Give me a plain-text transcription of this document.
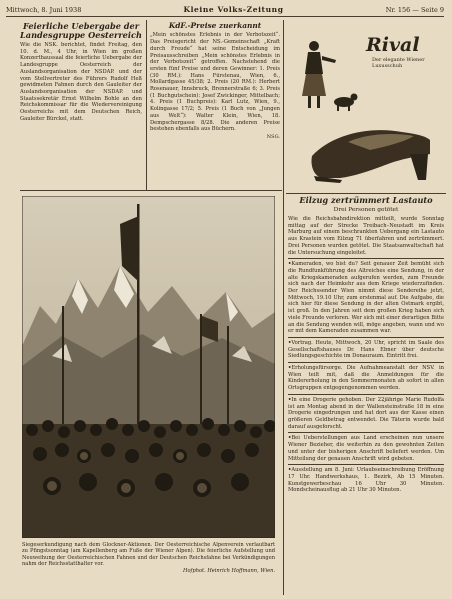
Mittwoch, 8. Juni 1938	Kleine Volks-Zeitung	Nr. 156 — Seite 9
Feierliche Uebergabe der Landesgruppe Oesterreich
Wie die NSK. berichtet, findet Freitag, den 10. d. M., 4 Uhr, in Wien im großen Konzerthaussaal die feierliche Uebergabe der Landesgruppe Oesterreich der Auslandsorganisation der NSDAP. und der vom Stellvertreter des Führers Rudolf Heß gewidmeten Fahnen durch den Gauleiter der Auslandsorganisation der NSDAP. und Staatssekretär Ernst Wilhelm Bohle an den Reichskommissar für die Wiedervereinigung Oesterreichs mit dem Deutschen Reich, Gauleiter Bürckel, statt.
KdF.-Preise zuerkannt
„Mein schönstes Erlebnis in der Verbotszeit“. Das Preisgericht der NS.-Gemeinschaft „Kraft durch Freude“ hat seine Entscheidung im Preisausschreiben „Mein schönstes Erlebnis in der Verbotszeit“ getroffen. Nachstehend die ersten fünf Preise und deren Gewinner: 1. Preis (30 RM.): Hans Fürstenau, Wien, 6., Mollardgasse 45/38; 2. Preis (20 RM.): Herbert Rosenauer, Innsbruck, Brennerstraße 6; 3. Preis (1 Buchgutschein): Josef Zwickinger, Mittelbach; 4. Preis (1 Buchpreis): Karl Lutz, Wien, 9., Kolingasse 17/2; 5. Preis (1 Buch von „Jungen aus Welt“): Walter Klein, Wien, 18. Dempschergasse 8/28. Die anderen Preise bestehen ebenfalls aus Büchern.
NSG.
Rival
Der elegante Wiener Luxusschuh
Siegeserkundigung nach dem Glockner-Aktionen. Der Oesterreichische Alpenverein verlautbart zu Pfingstsonntag (am Kapellenberg am Fuße der Wiener Alpen). Die feierliche Aufstellung und Neuweihung der Oesterreichischen Fahnen und der Deutschen Reichsfahne bei Verkündigungen nahm der Reichsstatthalter vor.
Hofphot. Heinrich Hoffmann, Wien.
Eilzug zertrümmert Lastauto
Drei Personen getötet
Wie die Reichsbahndirektion mitteilt, wurde Sonntag mittag auf der Strecke Treibach–Neustadt im Kreis Marburg auf einem beschrankten Uebergang ein Lastauto aus Krastein vom Eilzug 71 überfahren und zertrümmert. Drei Personen wurden getötet. Die Staatsanwaltschaft hat die Untersuchung eingeleitet.
• Kameraden, wo bist du? Seit genauer Zeit bemüht sich die Rundfunkführung des Altreiches eine Sendung, in der alte Kriegskameraden aufgerufen werden, zum Freunde sich nach der Heimkehr aus dem Kriege wiederzufinden. Der Reichssender Wien nimmt diese Sendereihe jetzt, Mittwoch, 19.10 Uhr, zum erstenmal auf. Die Aufgabe, die sich hier für diese Sendung in der alten Ostmark ergibt, ist groß. In den Jahren seit dem großen Krieg haben sich viele Freunde verloren. Wer sich mit einer derartigen Bitte an die Sendung wenden will, möge angeben, wann und wo er mit dem Kameraden zusammen war.
• Vortrag. Heute, Mittwoch, 20 Uhr, spricht im Saale des Gesellschaftshauses Dr. Hans Ebner über deutsche Siedlungsgeschichte im Donauraum. Eintritt frei.
• Erholungsfürsorge. Die Aufnahmeanstalt der NSV. in Wien teilt mit, daß die Anmeldungen für die Kindererholung in den Sommermonaten ab sofort in allen Ortsgruppen entgegengenommen werden.
• In eine Drogerie gehoben. Der 22jährige Marie Rudolfa ist am Montag abend in der Wallensteinstraße 18 in eine Drogerie eingedrungen und hat dort aus der Kasse einen größeren Geldbetrag entwendet. Die Täterin wurde bald darauf ausgeforscht.
• Bei Ueberstellungen aus Land erscheinen nun unsere Wiener Bezieher, die weiterhin zu den gewohnten Zeiten und unter der bisherigen Anschrift beliefert werden. Um Mitteilung der genauen Anschrift wird gebeten.
• Ausstellung am 8. Juni: Urlaubseinschreibung Eröffnung 17 Uhr. Handwerkshaus, 1. Bezirk, Ab 15 Minuten. Kunstgewerbeschau 16 Uhr 30 Minuten. Mondscheinausflug ab 21 Uhr 30 Minuten.
